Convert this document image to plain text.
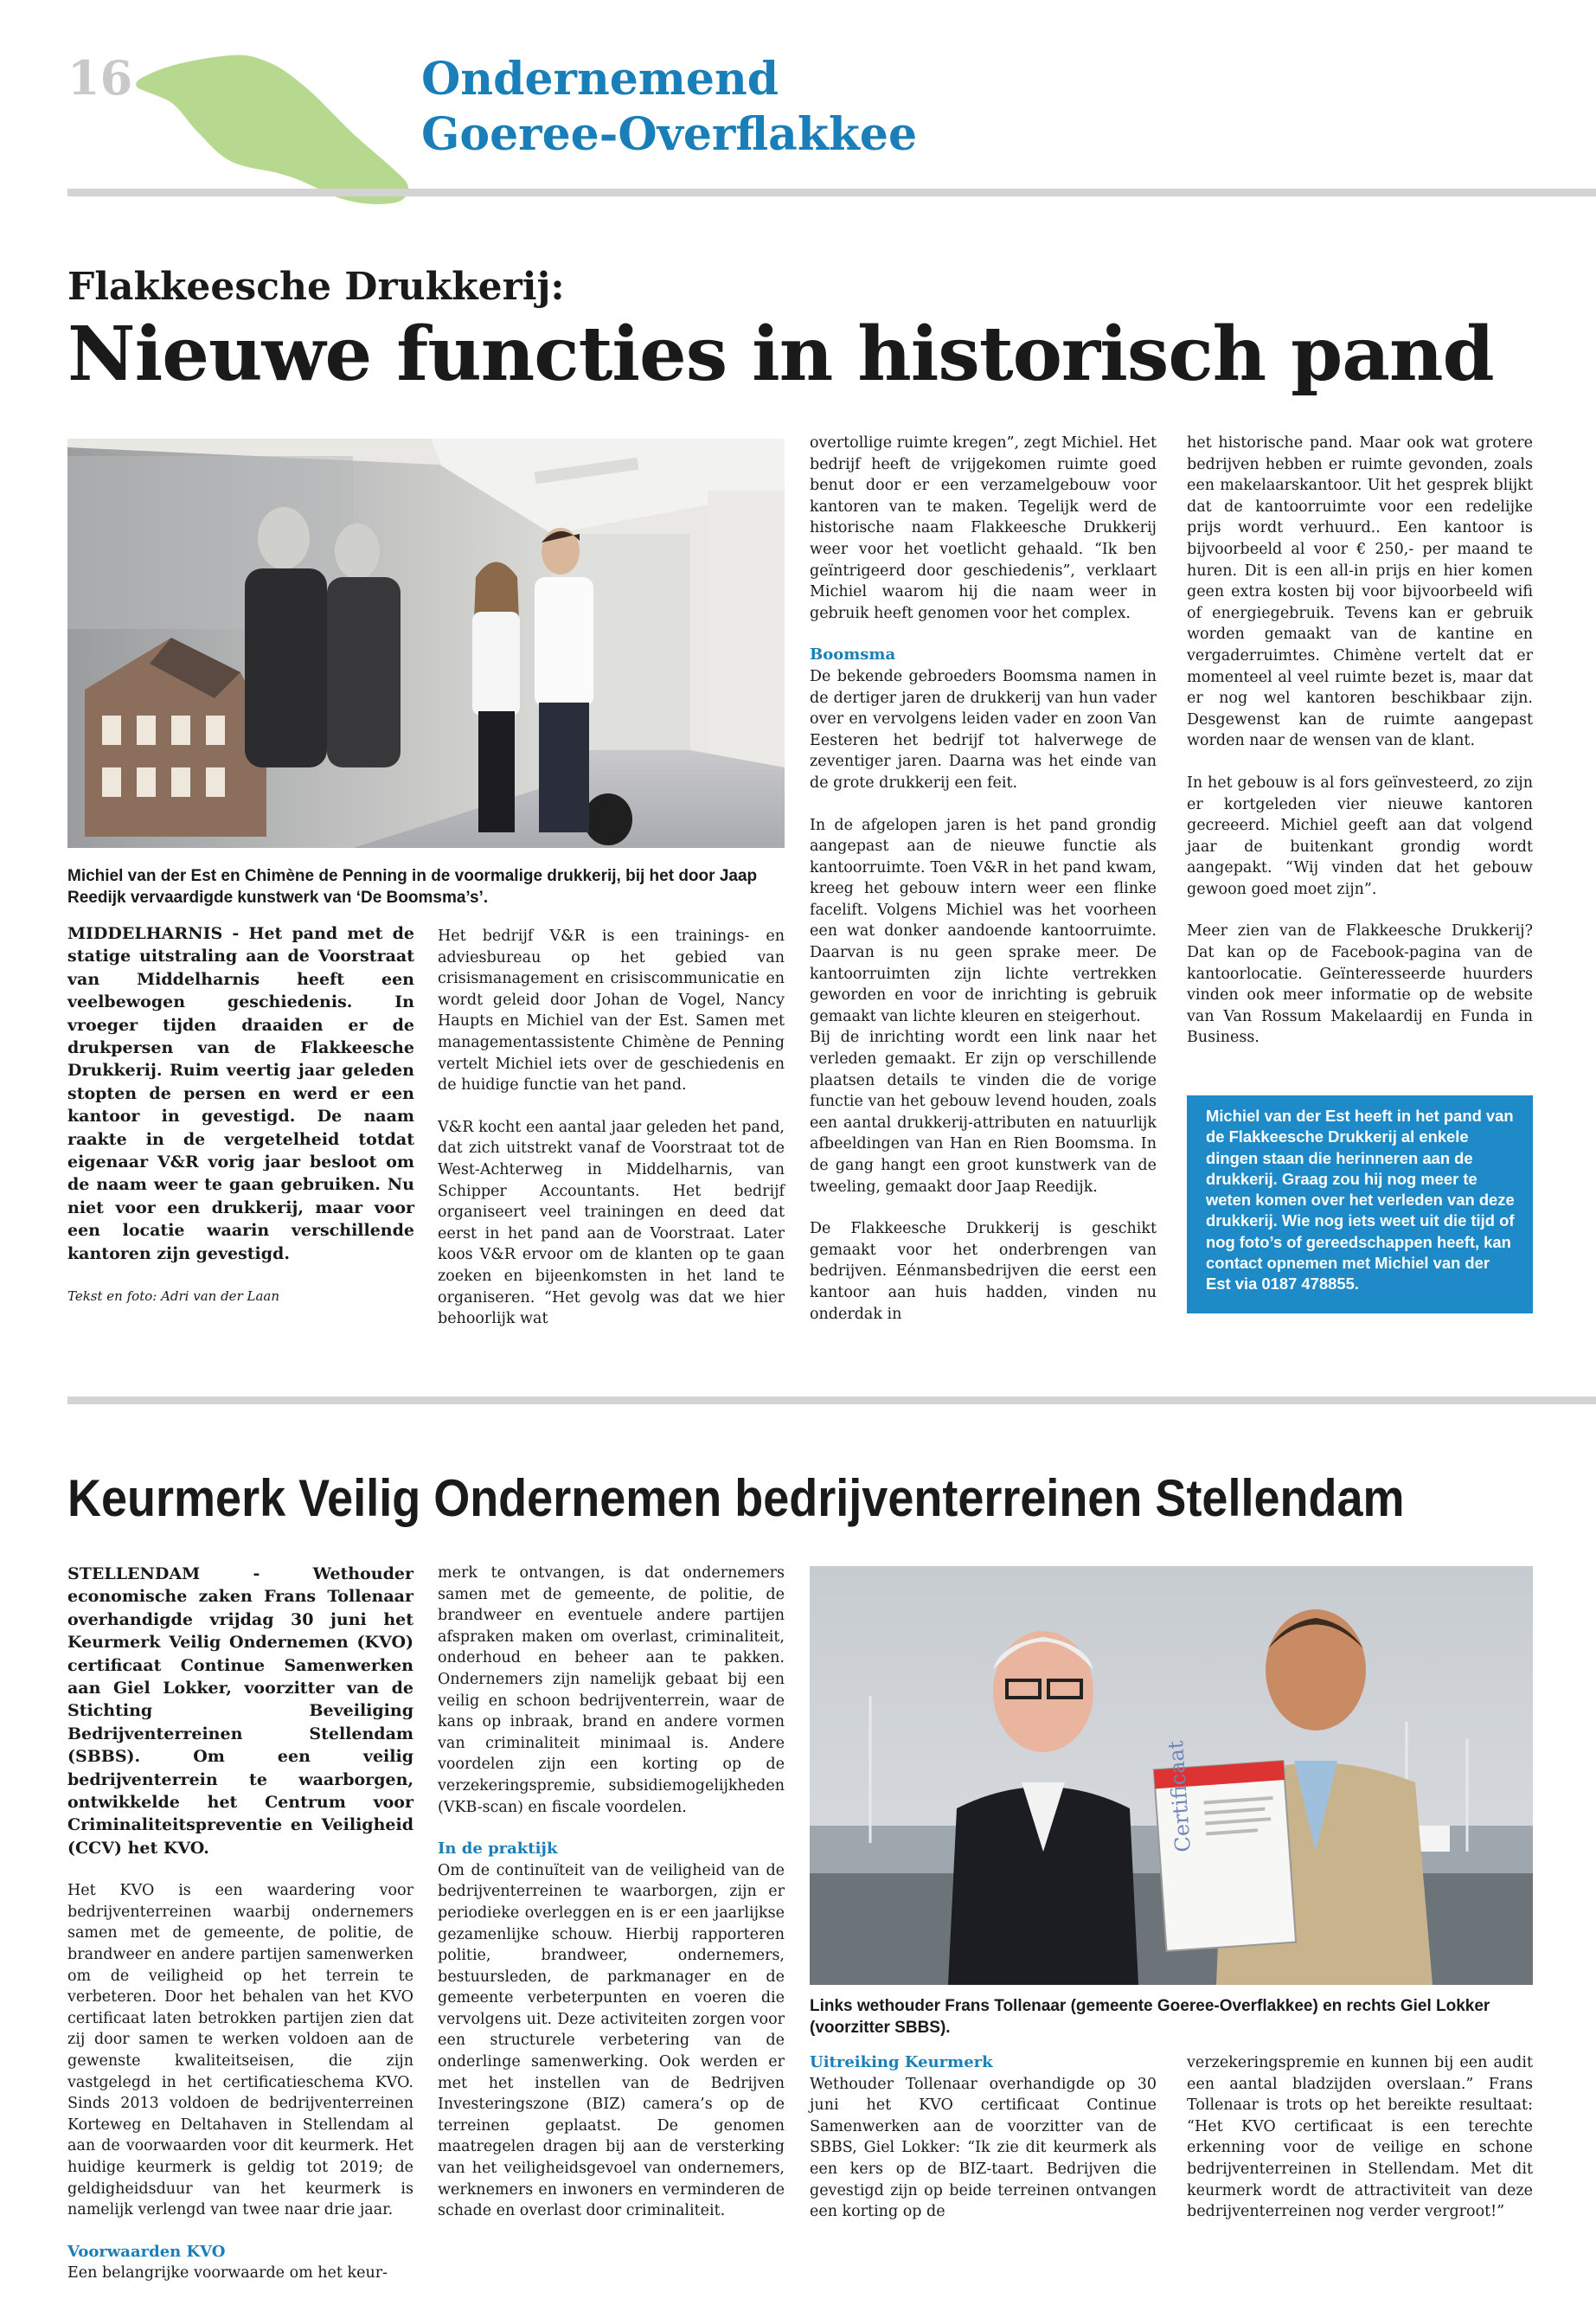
16	Ondernemend
Goeree-Overflakkee
Flakkeesche Drukkerij:
Nieuwe functies in historisch pand
Michiel van der Est en Chimène de Penning in de voormalige drukkerij, bij het door Jaap Reedijk vervaardigde kunstwerk van ‘De Boomsma’s’.

MIDDELHARNIS - Het pand met de statige uitstraling aan de Voorstraat van Middelharnis heeft een veelbewogen geschiedenis. In vroeger tijden draaiden er de drukpersen van de Flakkeesche Drukkerij. Ruim veertig jaar geleden stopten de persen en werd er een kantoor in gevestigd. De naam raakte in de vergetelheid totdat eigenaar V&R vorig jaar besloot om de naam weer te gaan gebruiken. Nu niet voor een drukkerij, maar voor een locatie waarin verschillende kantoren zijn gevestigd.

Tekst en foto: Adri van der Laan

Het bedrijf V&R is een trainings- en adviesbureau op het gebied van crisismanagement en crisiscommunicatie en wordt geleid door Johan de Vogel, Nancy Haupts en Michiel van der Est. Samen met managementassistente Chimène de Penning vertelt Michiel iets over de geschiedenis en de huidige functie van het pand.

V&R kocht een aantal jaar geleden het pand, dat zich uitstrekt vanaf de Voorstraat tot de West-Achterweg in Middelharnis, van Schipper Accountants. Het bedrijf organiseert veel trainingen en deed dat eerst in het pand aan de Voorstraat. Later koos V&R ervoor om de klanten op te gaan zoeken en bijeenkomsten in het land te organiseren. “Het gevolg was dat we hier behoorlijk wat

overtollige ruimte kregen”, zegt Michiel. Het bedrijf heeft de vrijgekomen ruimte goed benut door er een verzamelgebouw voor kantoren van te maken. Tegelijk werd de historische naam Flakkeesche Drukkerij weer voor het voetlicht gehaald. “Ik ben geïntrigeerd door geschiedenis”, verklaart Michiel waarom hij die naam weer in gebruik heeft genomen voor het complex.

Boomsma

De bekende gebroeders Boomsma namen in de dertiger jaren de drukkerij van hun vader over en vervolgens leiden vader en zoon Van Eesteren het bedrijf tot halverwege de zeventiger jaren. Daarna was het einde van de grote drukkerij een feit.

In de afgelopen jaren is het pand grondig aangepast aan de nieuwe functie als kantoorruimte. Toen V&R in het pand kwam, kreeg het gebouw intern weer een flinke facelift. Volgens Michiel was het voorheen een wat donker aandoende kantoorruimte. Daarvan is nu geen sprake meer. De kantoorruimten zijn lichte vertrekken geworden en voor de inrichting is gebruik gemaakt van lichte kleuren en steigerhout.

Bij de inrichting wordt een link naar het verleden gemaakt. Er zijn op verschillende plaatsen details te vinden die de vorige functie van het gebouw levend houden, zoals een aantal drukkerij-attributen en natuurlijk afbeeldingen van Han en Rien Boomsma. In de gang hangt een groot kunstwerk van de tweeling, gemaakt door Jaap Reedijk.

De Flakkeesche Drukkerij is geschikt gemaakt voor het onderbrengen van bedrijven. Eénmansbedrijven die eerst een kantoor aan huis hadden, vinden nu onderdak in

het historische pand. Maar ook wat grotere bedrijven hebben er ruimte gevonden, zoals een makelaarskantoor. Uit het gesprek blijkt dat de kantoorruimte voor een redelijke prijs wordt verhuurd.. Een kantoor is bijvoorbeeld al voor € 250,- per maand te huren. Dit is een all-in prijs en hier komen geen extra kosten bij voor bijvoorbeeld wifi of energiegebruik. Tevens kan er gebruik worden gemaakt van de kantine en vergaderruimtes. Chimène vertelt dat er momenteel al veel ruimte bezet is, maar dat er nog wel kantoren beschikbaar zijn. Desgewenst kan de ruimte aangepast worden naar de wensen van de klant.

In het gebouw is al fors geïnvesteerd, zo zijn er kortgeleden vier nieuwe kantoren gecreeerd. Michiel geeft aan dat volgend jaar de buitenkant grondig wordt aangepakt. “Wij vinden dat het gebouw gewoon goed moet zijn”.

Meer zien van de Flakkeesche Drukkerij? Dat kan op de Facebook-pagina van de kantoorlocatie. Geïnteresseerde huurders vinden ook meer informatie op de website van Van Rossum Makelaardij en Funda in Business.

Michiel van der Est heeft in het pand van de Flakkeesche Drukkerij al enkele dingen staan die herinneren aan de drukkerij. Graag zou hij nog meer te weten komen over het verleden van deze drukkerij. Wie nog iets weet uit die tijd of nog foto’s of gereedschappen heeft, kan contact opnemen met Michiel van der Est via 0187 478855.
Keurmerk Veilig Ondernemen bedrijventerreinen Stellendam

STELLENDAM - Wethouder economische zaken Frans Tollenaar overhandigde vrijdag 30 juni het Keurmerk Veilig Ondernemen (KVO) certificaat Continue Samenwerken aan Giel Lokker, voorzitter van de Stichting Beveiliging Bedrijventerreinen Stellendam (SBBS). Om een veilig bedrijventerrein te waarborgen, ontwikkelde het Centrum voor Criminaliteitspreventie en Veiligheid (CCV) het KVO.

Het KVO is een waardering voor bedrijventerreinen waarbij ondernemers samen met de gemeente, de politie, de brandweer en andere partijen samenwerken om de veiligheid op het terrein te verbeteren. Door het behalen van het KVO certificaat laten betrokken partijen zien dat zij door samen te werken voldoen aan de gewenste kwaliteitseisen, die zijn vastgelegd in het certificatieschema KVO. Sinds 2013 voldoen de bedrijventerreinen Korteweg en Deltahaven in Stellendam al aan de voorwaarden voor dit keurmerk. Het huidige keurmerk is geldig tot 2019; de geldigheidsduur van het keurmerk is namelijk verlengd van twee naar drie jaar.

Voorwaarden KVO

Een belangrijke voorwaarde om het keur-

merk te ontvangen, is dat ondernemers samen met de gemeente, de politie, de brandweer en eventuele andere partijen afspraken maken om overlast, criminaliteit, onderhoud en beheer aan te pakken. Ondernemers zijn namelijk gebaat bij een veilig en schoon bedrijventerrein, waar de kans op inbraak, brand en andere vormen van criminaliteit minimaal is. Andere voordelen zijn een korting op de verzekeringspremie, subsidiemogelijkheden (VKB-scan) en fiscale voordelen.

In de praktijk

Om de continuïteit van de veiligheid van de bedrijventerreinen te waarborgen, zijn er periodieke overleggen en is er een jaarlijkse gezamenlijke schouw. Hierbij rapporteren politie, brandweer, ondernemers, bestuursleden, de parkmanager en de gemeente verbeterpunten en voeren die vervolgens uit. Deze activiteiten zorgen voor een structurele verbetering van de onderlinge samenwerking. Ook werden er met het instellen van de Bedrijven Investeringszone (BIZ) camera’s op de terreinen geplaatst. De genomen maatregelen dragen bij aan de versterking van het veiligheidsgevoel van ondernemers, werknemers en inwoners en verminderen de schade en overlast door criminaliteit.

Certificaat
Links wethouder Frans Tollenaar (gemeente Goeree-Overflakkee) en rechts Giel Lokker (voorzitter SBBS).
Uitreiking Keurmerk

Wethouder Tollenaar overhandigde op 30 juni het KVO certificaat Continue Samenwerken aan de voorzitter van de SBBS, Giel Lokker: “Ik zie dit keurmerk als een kers op de BIZ-taart. Bedrijven die gevestigd zijn op beide terreinen ontvangen een korting op de

verzekeringspremie en kunnen bij een audit een aantal bladzijden overslaan.” Frans Tollenaar is trots op het bereikte resultaat: “Het KVO certificaat is een terechte erkenning voor de veilige en schone bedrijventerreinen in Stellendam. Met dit keurmerk wordt de attractiviteit van deze bedrijventerreinen nog verder vergroot!”
